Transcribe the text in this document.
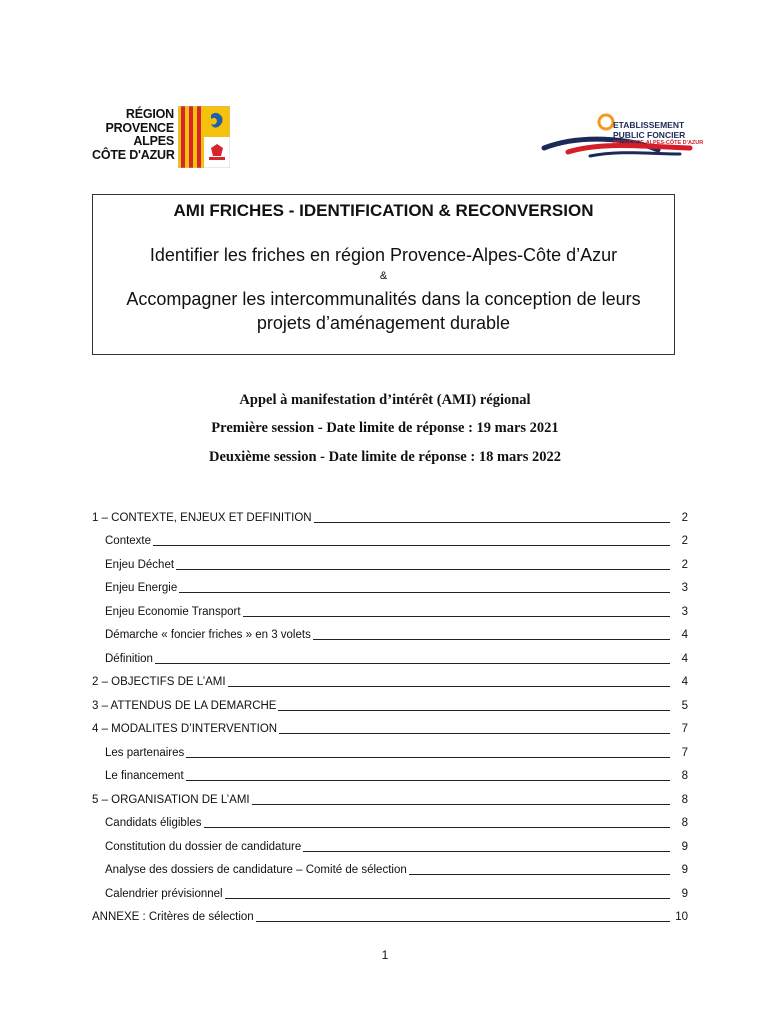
RÉGION
PROVENCE
ALPES
CÔTE D'AZUR
ETABLISSEMENT
PUBLIC FONCIER
PROVENCE-ALPES-CÔTE D'AZUR
AMI FRICHES - IDENTIFICATION & RECONVERSION
Identifier les friches en région Provence-Alpes-Côte d’Azur
&
Accompagner les intercommunalités dans la conception de leurs projets d’aménagement durable
Appel à manifestation d’intérêt (AMI) régional
Première session - Date limite de réponse : 19 mars 2021
Deuxième session - Date limite de réponse : 18 mars 2022
1 – CONTEXTE, ENJEUX ET DEFINITION	2
Contexte	2
Enjeu Déchet	2
Enjeu Energie	3
Enjeu Economie Transport	3
Démarche « foncier friches » en 3 volets	4
Définition	4
2 – OBJECTIFS DE L’AMI	4
3 – ATTENDUS DE LA DEMARCHE	5
4 – MODALITES D’INTERVENTION	7
Les partenaires	7
Le financement	8
5 – ORGANISATION DE L’AMI	8
Candidats éligibles	8
Constitution du dossier de candidature	9
Analyse des dossiers de candidature – Comité de sélection	9
Calendrier prévisionnel	9
ANNEXE : Critères de sélection	10
1
